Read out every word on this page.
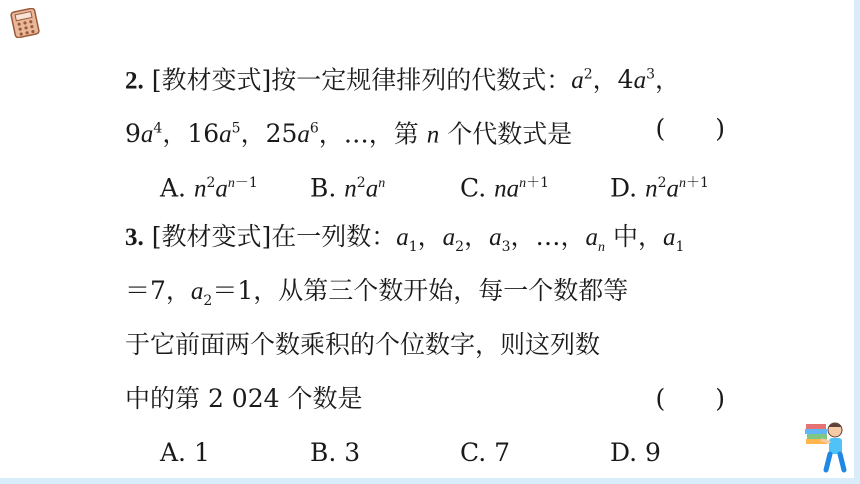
2. [教材变式]按一定规律排列的代数式：$a^2$，$4a^3$，
$9a^4$，$16a^5$，$25a^6$，…，第 n 个代数式是	(　　)
A. $n^2a^{n-1}$ B. $n^2a^n$	C. $na^{n+1}$ D. $n^2a^{n+1}$
3. [教材变式]在一列数：$a_1$，$a_2$，$a_3$，…，$a_n$ 中，$a_1$
＝7，$a_2=1$，从第三个数开始，每一个数都等
于它前面两个数乘积的个位数字，则这列数
中的第 2 024 个数是	(　　)
A. 1	B. 3	C. 7	D. 9
